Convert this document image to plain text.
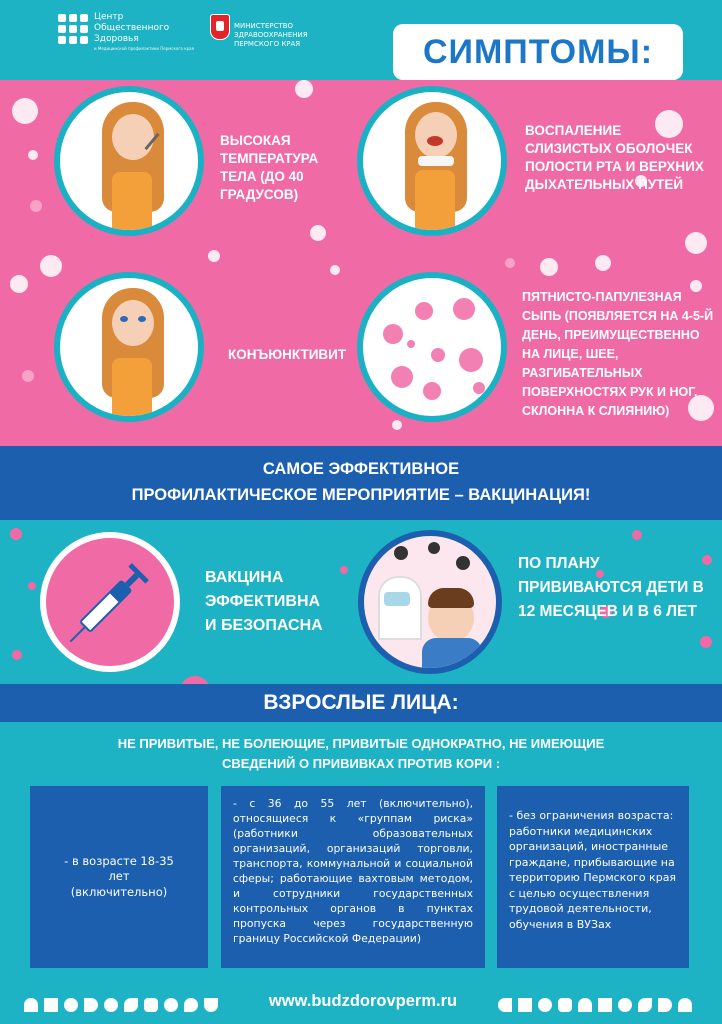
Центр Общественного Здоровья
и Медицинской профилактики Пермского края
МИНИСТЕРСТВО ЗДРАВООХРАНЕНИЯ ПЕРМСКОГО КРАЯ	СИМПТОМЫ:
ВЫСОКАЯ ТЕМПЕРАТУРА ТЕЛА (ДО 40 ГРАДУСОВ)
ВОСПАЛЕНИЕ СЛИЗИСТЫХ ОБОЛОЧЕК ПОЛОСТИ РТА И ВЕРХНИХ ДЫХАТЕЛЬНЫХ ПУТЕЙ
КОНЪЮНКТИВИТ
ПЯТНИСТО-ПАПУЛЕЗНАЯ СЫПЬ (ПОЯВЛЯЕТСЯ НА 4-5-Й ДЕНЬ, ПРЕИМУЩЕСТВЕННО НА ЛИЦЕ, ШЕЕ, РАЗГИБАТЕЛЬНЫХ ПОВЕРХНОСТЯХ РУК И НОГ, СКЛОННА К СЛИЯНИЮ)
САМОЕ ЭФФЕКТИВНОЕ
ПРОФИЛАКТИЧЕСКОЕ МЕРОПРИЯТИЕ – ВАКЦИНАЦИЯ!
ВАКЦИНА ЭФФЕКТИВНА И БЕЗОПАСНА
ПО ПЛАНУ ПРИВИВАЮТСЯ ДЕТИ В 12 МЕСЯЦЕВ И В 6 ЛЕТ
ВЗРОСЛЫЕ ЛИЦА:
НЕ ПРИВИТЫЕ, НЕ БОЛЕЮЩИЕ, ПРИВИТЫЕ ОДНОКРАТНО, НЕ ИМЕЮЩИЕ
СВЕДЕНИЙ О ПРИВИВКАХ ПРОТИВ КОРИ :
- в возрасте 18-35 лет (включительно)
- с 36 до 55 лет (включительно), относящиеся к «группам риска» (работники образовательных организаций, организаций торговли, транспорта, коммунальной и социальной сферы; работающие вахтовым методом, и сотрудники государственных контрольных органов в пунктах пропуска через государственную границу Российской Федерации)
- без ограничения возраста: работники медицинских организаций, иностранные граждане, прибывающие на территорию Пермского края с целью осуществления трудовой деятельности, обучения в ВУЗах
www.budzdorovperm.ru
